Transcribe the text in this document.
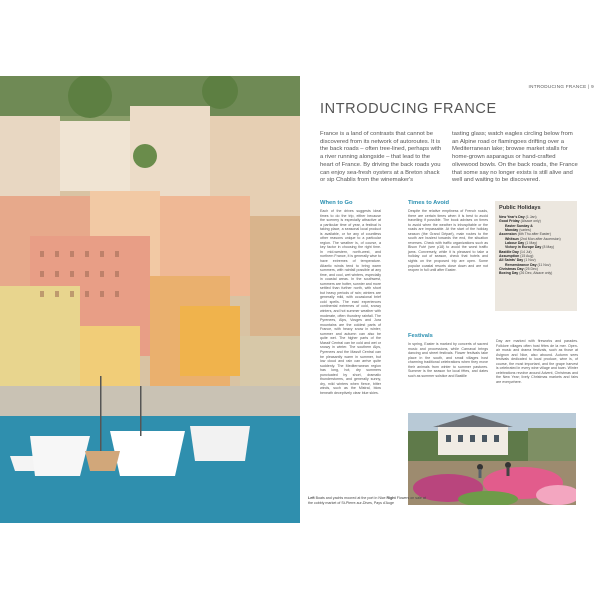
INTRODUCING FRANCE | 9
INTRODUCING FRANCE

France is a land of contrasts that cannot be discovered from its network of autoroutes. It is the back roads – often tree-lined, perhaps with a river running alongside – that lead to the heart of France. By driving the back roads you can enjoy sea-fresh oysters at a Breton shack or sip Chablis from the winemaker's

tasting glass; watch eagles circling below from an Alpine road or flamingoes drifting over a Mediterranean lake; browse market stalls for home-grown asparagus or hand-crafted olivewood bowls. On the back roads, the France that some say no longer exists is still alive and well and waiting to be discovered.

When to Go

Each of the drives suggests ideal times to do the trip, either because the scenery is especially attractive at a particular time of year, a festival is taking place, a seasonal local product is available, or for any of countless other reasons unique to a particular region. The weather is, of course, a key factor in choosing the right time. In mid-western, north-west, and northern France, it is generally wise to have extremes of temperature. Atlantic winds tend to bring warm summers, with rainfall possible at any time, and cool, wet winters, especially in coastal areas. In the southwest, summers are hotter, sunnier and more settled than further north, with short but heavy periods of rain; winters are generally mild, with occasional brief cold spells. The east experiences continental extremes of cold, snowy winters, and hot summer weather with moderate, often thundery rainfall. The Pyrenees, Alps, Vosges and Jura mountains are the coldest parts of France, with heavy snow in winter; summer and autumn can also be quite wet. The higher parts of the Massif Central can be cold and wet or snowy in winter. The southern Alps, Pyrenees and the Massif Central can be pleasantly warm in summer, but low cloud and rain can arrive quite suddenly. The Mediterranean region has long, hot, dry summers punctuated by short, dramatic thunderstorms, and generally sunny, dry, mild winters when fierce, bitter winds, such as the Mistral, blow beneath deceptively clear blue skies.

Times to Avoid

Despite the relative emptiness of French roads, there are certain times when it is best to avoid travelling if possible. The book advises on times to avoid when the weather is inhospitable or the roads are impassable. At the start of the holiday season (the Grand Départ), main routes to the south are busiest towards the end, the situation reverses. Check with traffic organizations such as Bison Futé (see p18) to avoid the worst traffic jams. Conversely, while it is pleasant to take a holiday out of season, check that hotels and sights on the proposed trip are open. Some popular coastal resorts close down and are not reopen in full until after Easter.

Festivals

In spring, Easter is marked by concerts of sacred music and processions, while Carnaval brings dancing and street festivals. Flower festivals take place in the south, and small villages host charming traditional celebrations when they move their animals from winter to summer pastures. Summer is the season for local fêtes, and dates such as summer solstice and Bastille

Public Holidays
New Year's Day (1 Jan)
Good Friday (Alsace only)
Easter Sunday &
Monday (varies)
Ascension (6th Thu after Easter)
Whitsun (2nd Mon after Ascension)
Labour Day (1 May)
Victory in Europe Day (8 May)
Bastille Day (14 Jul)
Assumption (15 Aug)
All Saints' Day (1 Nov)
Remembrance Day (11 Nov)
Christmas Day (25 Dec)
Boxing Day (26 Dec, Alsace only)

Day are marked with fireworks and parades. Folklore villages often host fêtes de la mer. Open-air music and drama festivals, such as those at Avignon and Nice, also abound. Autumn sees festivals dedicated to local produce, wine is, of course, the most important, and the grape harvest is celebrated in every wine village and town. Winter celebrations revolve around Advent, Christmas and the New Year; lively Christmas markets and fairs are everywhere.

Left Boats and yachts moored at the port in Nice Right Flowers on sale at the cobbly market of St-Pierre-sur-Dives, Pays d'Auge
